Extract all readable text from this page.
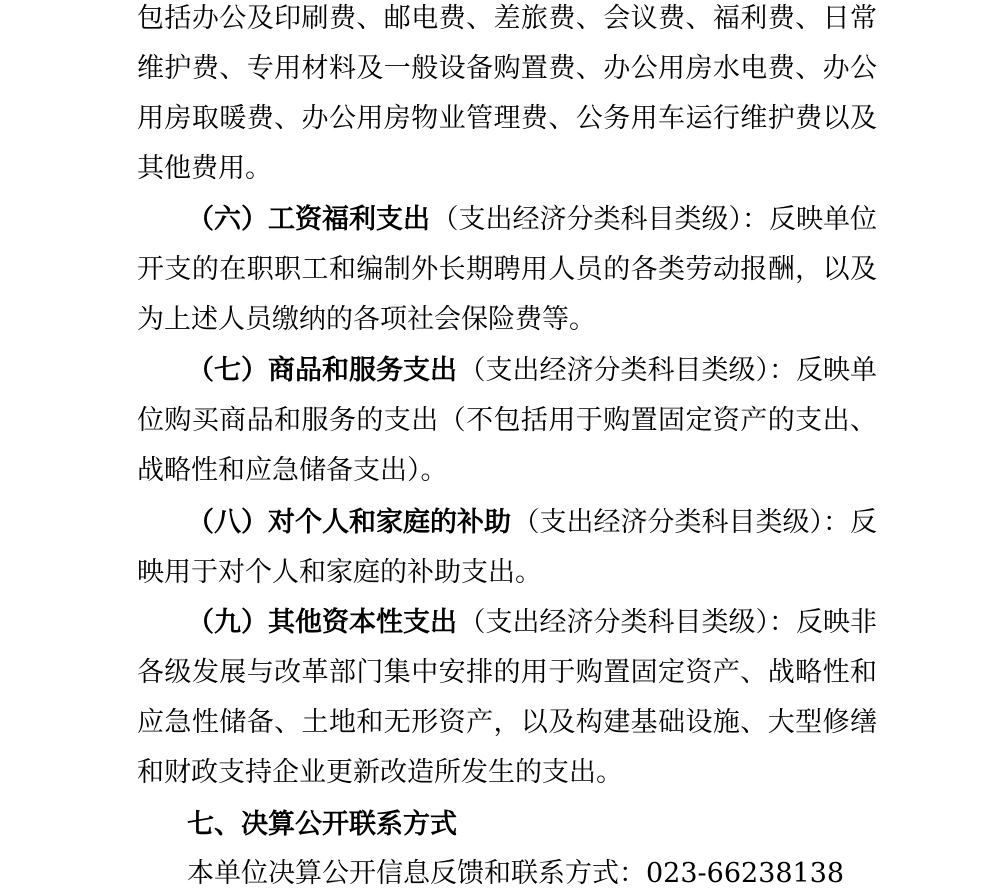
包括办公及印刷费、邮电费、差旅费、会议费、福利费、日常
维护费、专用材料及一般设备购置费、办公用房水电费、办公
用房取暖费、办公用房物业管理费、公务用车运行维护费以及
其他费用。
（六）工资福利支出 （支出经济分类科目类级）：反映单位
开支的在职职工和编制外长期聘用人员的各类劳动报酬，以及
为上述人员缴纳的各项社会保险费等。
（七）商品和服务支出 （支出经济分类科目类级）：反映单
位购买商品和服务的支出（不包括用于购置固定资产的支出、
战略性和应急储备支出）。
（八）对个人和家庭的补助 （支出经济分类科目类级）：反
映用于对个人和家庭的补助支出。
（九）其他资本性支出 （支出经济分类科目类级）：反映非
各级发展与改革部门集中安排的用于购置固定资产、战略性和
应急性储备、土地和无形资产，以及构建基础设施、大型修缮
和财政支持企业更新改造所发生的支出。
七、决算公开联系方式
本单位决算公开信息反馈和联系方式：023-66238138
